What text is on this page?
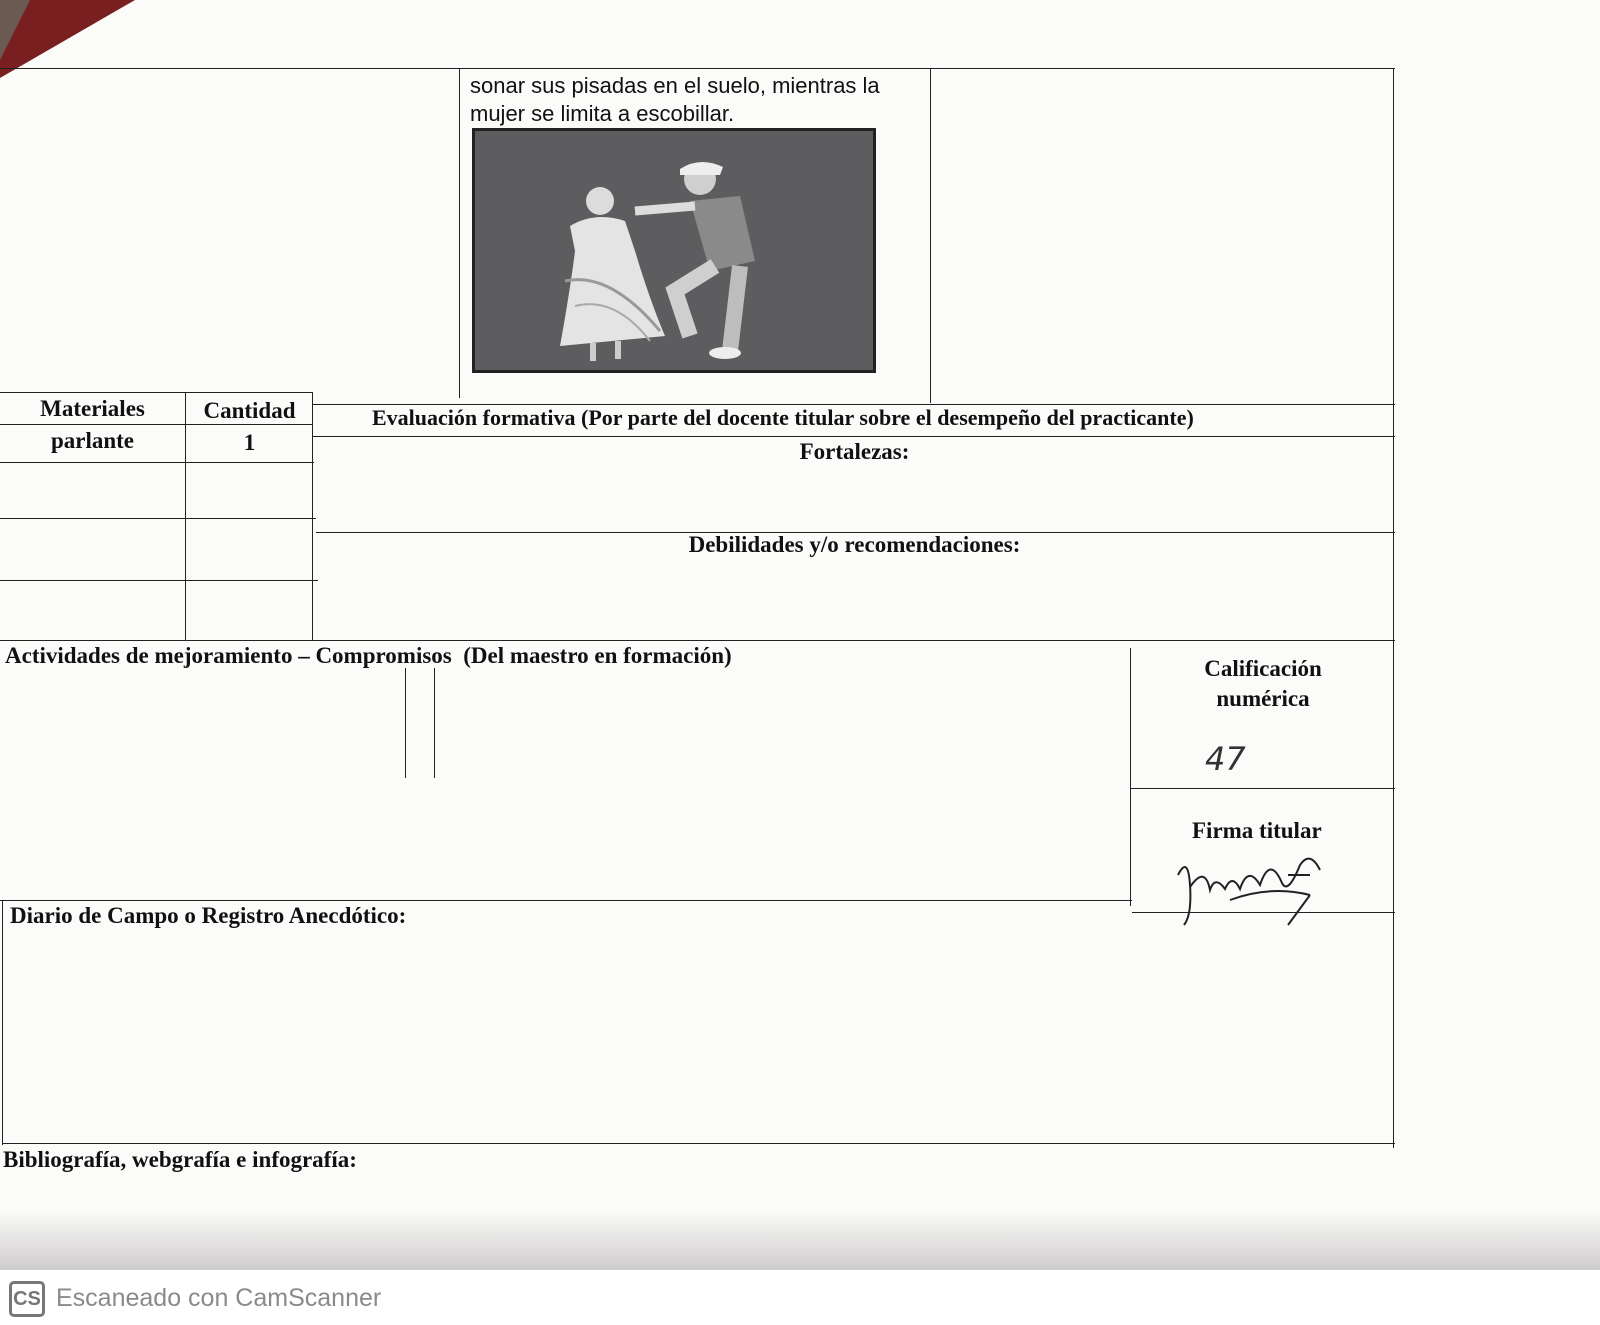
sonar sus pisadas en el suelo, mientras la
mujer se limita a escobillar.
Materiales	Cantidad
parlante	1
Evaluación formativa (Por parte del docente titular sobre el desempeño del practicante)
Fortalezas:
Debilidades y/o recomendaciones:
Actividades de mejoramiento – Compromisos  (Del maestro en formación)
Calificación
numérica
47
Firma titular
Diario de Campo o Registro Anecdótico:
Bibliografía, webgrafía e infografía:
CS Escaneado con CamScanner
